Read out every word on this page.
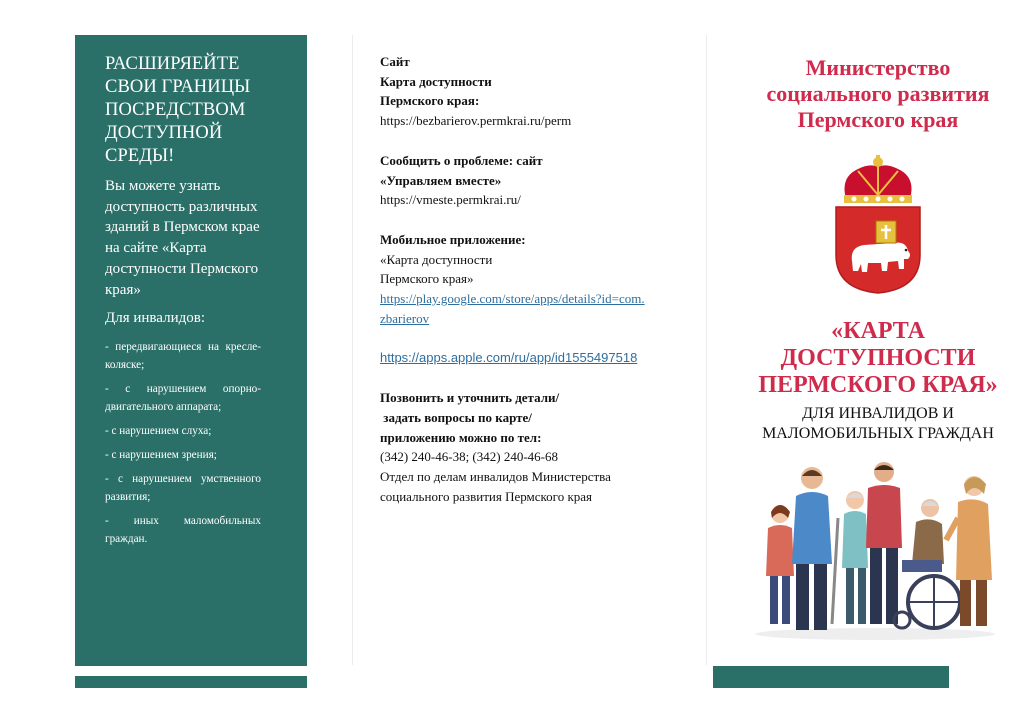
РАСШИРЯЕЙТЕ СВОИ ГРАНИЦЫ ПОСРЕДСТВОМ ДОСТУПНОЙ СРЕДЫ!

Вы можете узнать доступность различных зданий в Пермском крае на сайте «Карта доступности Пермского края»

Для инвалидов:

- передвигающиеся на кресле-коляске;
- с нарушением опорно-двигательного аппарата;
- с нарушением слуха;
- с нарушением зрения;
- с нарушением умственного развития;
- иных маломобильных граждан.
Сайт
Карта доступности
Пермского края:
https://bezbarierov.permkrai.ru/perm
Сообщить о проблеме: сайт
«Управляем вместе»
https://vmeste.permkrai.ru/
Мобильное приложение:
«Карта доступности
Пермского края»
https://play.google.com/store/apps/details?id=com.
zbarierov
https://apps.apple.com/ru/app/id1555497518
Позвонить и уточнить детали/
задать вопросы по карте/
приложению можно по тел:
(342) 240-46-38; (342) 240-46-68
Отдел по делам инвалидов Министерства
социального развития Пермского края

Министерство
социального развития
Пермского края

«КАРТА
ДОСТУПНОСТИ
ПЕРМСКОГО КРАЯ»

ДЛЯ ИНВАЛИДОВ И
МАЛОМОБИЛЬНЫХ ГРАЖДАН
